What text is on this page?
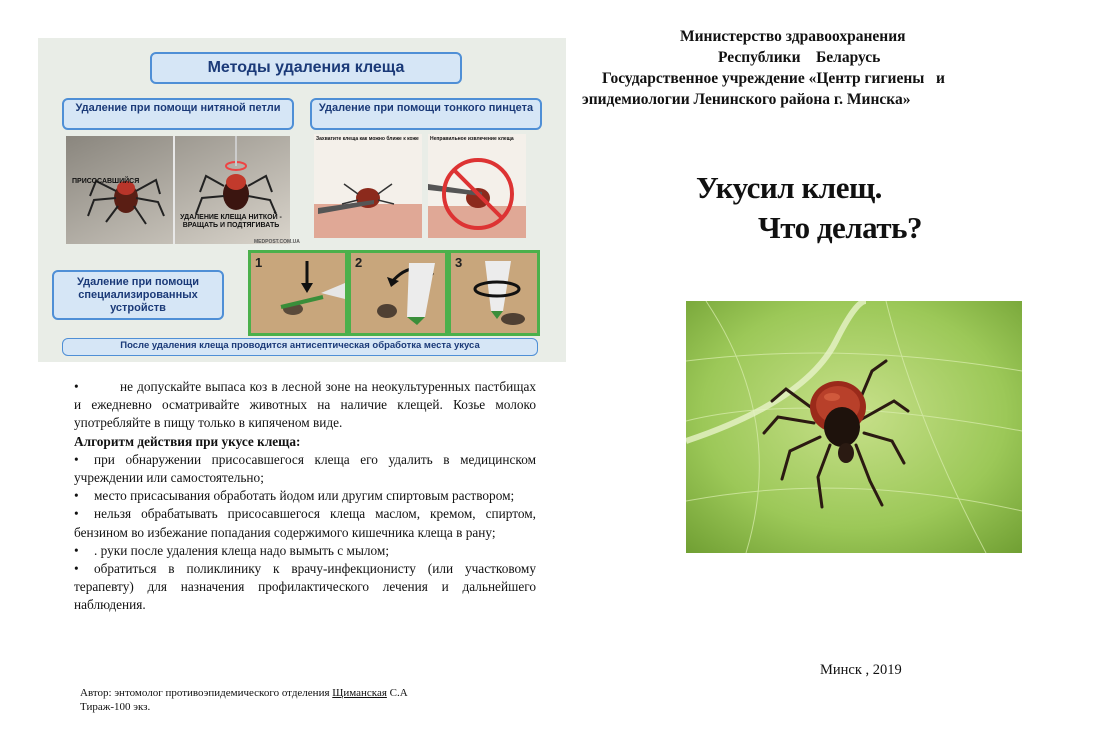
Методы удаления клеща
Удаление при помощи нитяной петли	Удаление при помощи тонкого пинцета
ПРИСОСАВШИЙСЯ
УДАЛЕНИЕ КЛЕЩА НИТКОЙ - ВРАЩАТЬ И ПОДТЯГИВАТЬ
MEDPOST.COM.UA
Захватите клеща как можно ближе к коже Неправильное извлечение клеща
Удаление при помощи специализированных устройств
1	2	3
После удаления клеща проводится антисептическая обработка места укуса

•	не допускайте выпаса коз в лесной зоне на неокультуренных пастбищах и ежедневно осматривайте животных на наличие клещей. Козье молоко употребляйте в пищу только в кипяченом виде.

Алгоритм действия при укусе клеща:

• при обнаружении присосавшегося клеща его удалить в медицинском учреждении или самостоятельно;

• место присасывания обработать йодом или другим спиртовым раствором;

• нельзя обрабатывать присосавшегося клеща маслом, кремом, спиртом, бензином во избежание попадания содержимого кишечника клеща в рану;

• . руки после удаления клеща надо вымыть с мылом;

• обратиться в поликлинику к врачу-инфекционисту (или участковому терапевту) для назначения профилактического лечения и дальнейшего наблюдения.

Автор: энтомолог противоэпидемического отделения Щиманская С.А
Тираж-100 экз.
Министерство здравоохранения
Республики    Беларусь
Государственное учреждение «Центр гигиены   и
эпидемиологии Ленинского района г. Минска»
Укусил клещ.
Что делать?
Минск , 2019
